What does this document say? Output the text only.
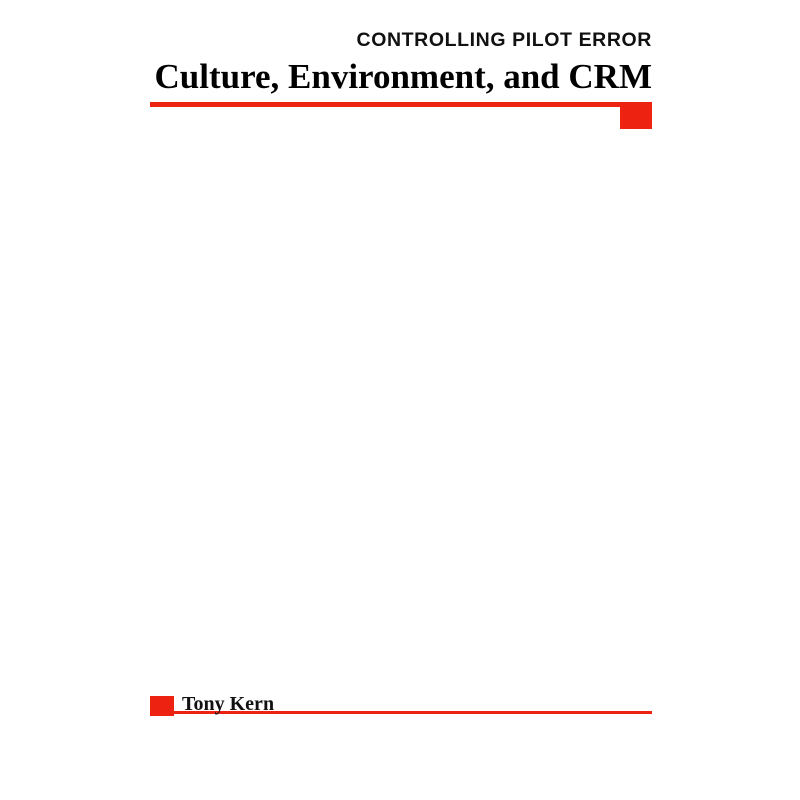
CONTROLLING PILOT ERROR
Culture, Environment, and CRM
Tony Kern
